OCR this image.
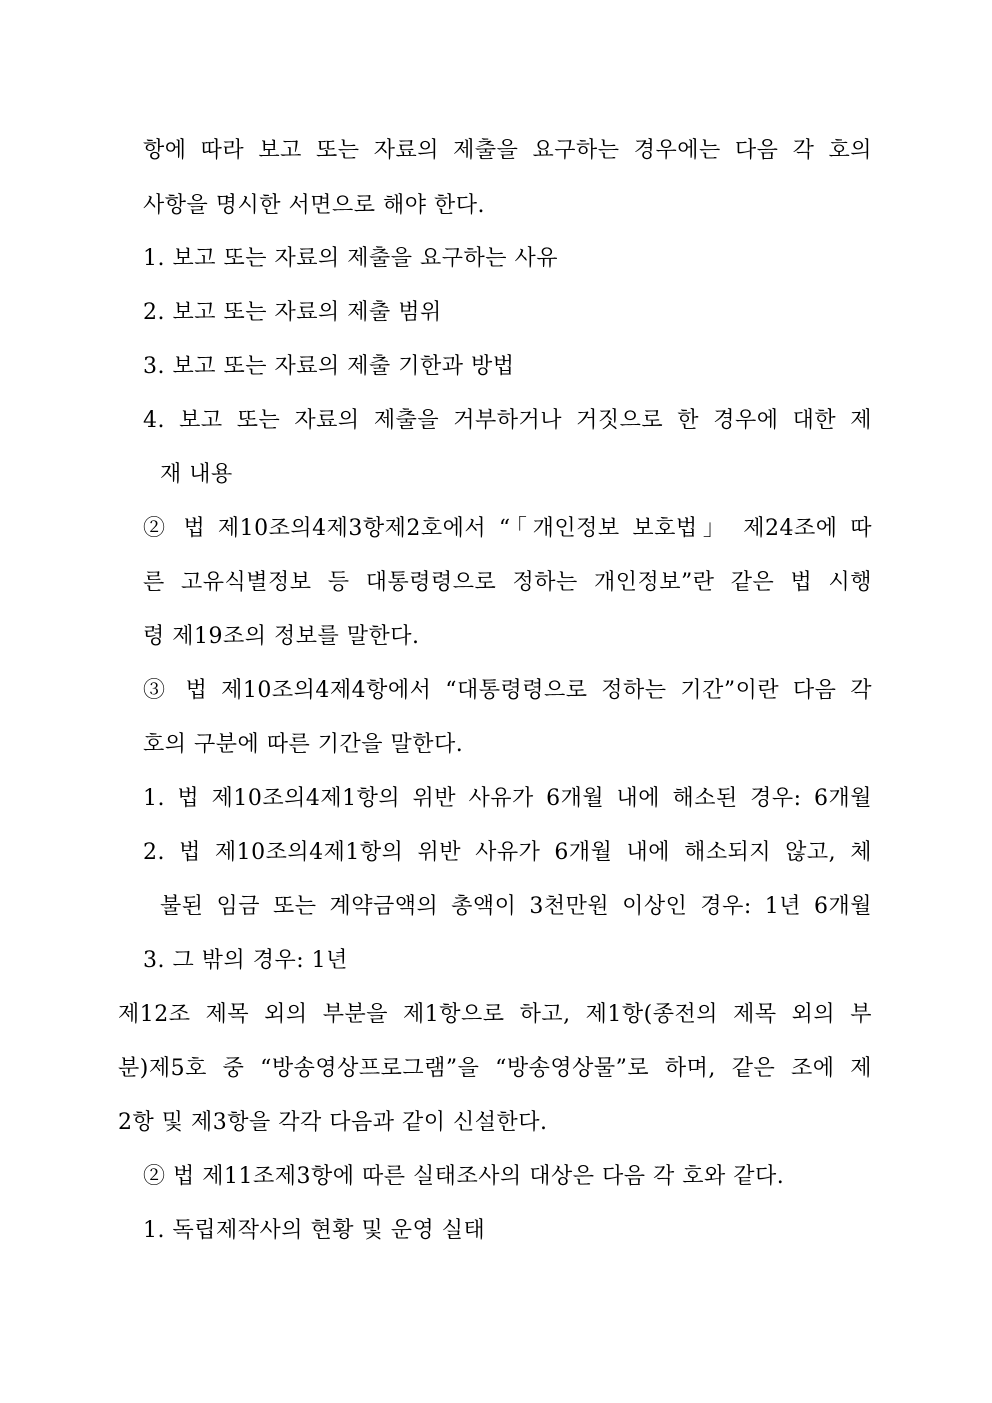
항에 따라 보고 또는 자료의 제출을 요구하는 경우에는 다음 각 호의
사항을 명시한 서면으로 해야 한다.
1. 보고 또는 자료의 제출을 요구하는 사유
2. 보고 또는 자료의 제출 범위
3. 보고 또는 자료의 제출 기한과 방법
4. 보고 또는 자료의 제출을 거부하거나 거짓으로 한 경우에 대한 제
재 내용
② 법 제10조의4제3항제2호에서 “「개인정보 보호법」 제24조에 따
른 고유식별정보 등 대통령령으로 정하는 개인정보”란 같은 법 시행
령 제19조의 정보를 말한다.
③ 법 제10조의4제4항에서 “대통령령으로 정하는 기간”이란 다음 각
호의 구분에 따른 기간을 말한다.
1. 법 제10조의4제1항의 위반 사유가 6개월 내에 해소된 경우: 6개월
2. 법 제10조의4제1항의 위반 사유가 6개월 내에 해소되지 않고, 체
불된 임금 또는 계약금액의 총액이 3천만원 이상인 경우: 1년 6개월
3. 그 밖의 경우: 1년
제12조 제목 외의 부분을 제1항으로 하고, 제1항(종전의 제목 외의 부
분)제5호 중 “방송영상프로그램”을 “방송영상물”로 하며, 같은 조에 제
2항 및 제3항을 각각 다음과 같이 신설한다.
② 법 제11조제3항에 따른 실태조사의 대상은 다음 각 호와 같다.
1. 독립제작사의 현황 및 운영 실태
